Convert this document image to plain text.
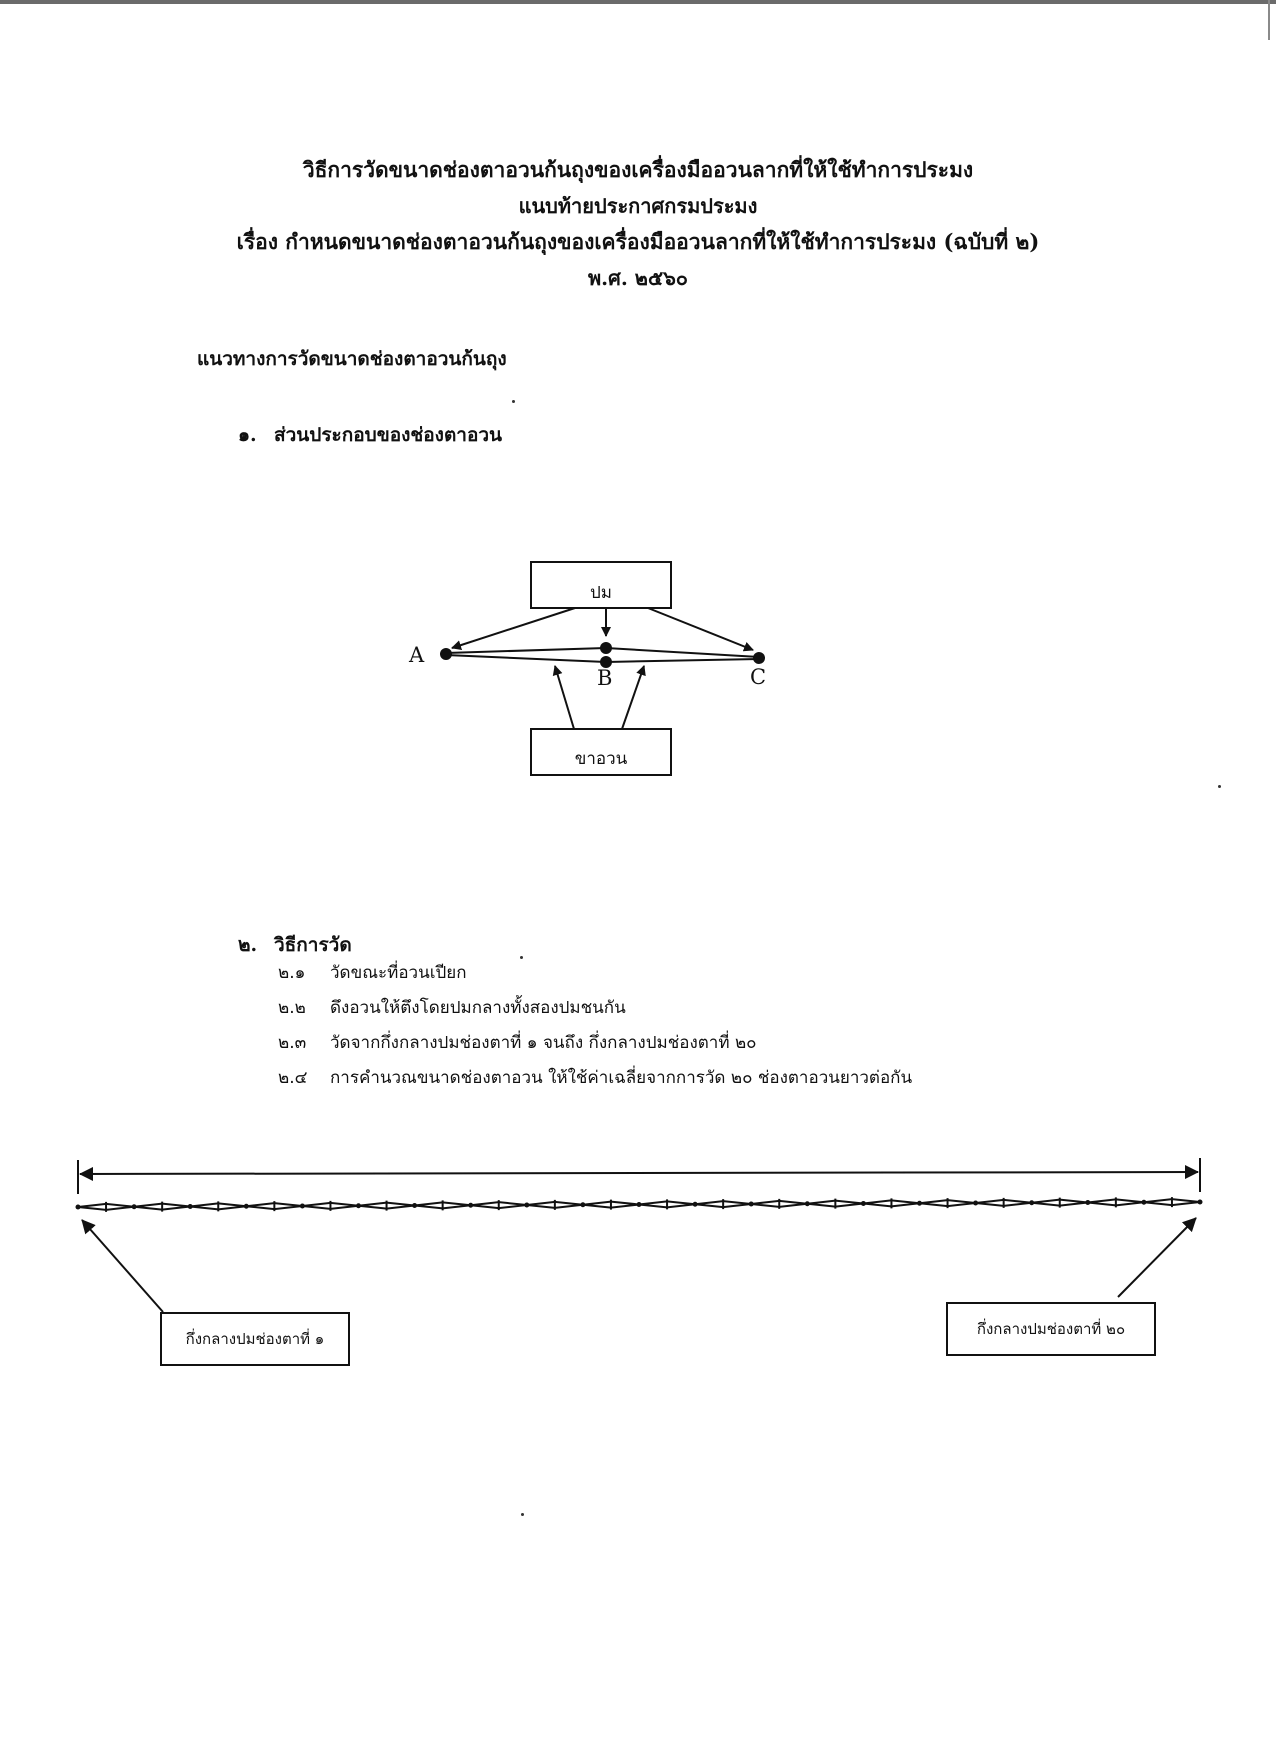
วิธีการวัดขนาดช่องตาอวนก้นถุงของเครื่องมืออวนลากที่ให้ใช้ทำการประมง
แนบท้ายประกาศกรมประมง
เรื่อง กำหนดขนาดช่องตาอวนก้นถุงของเครื่องมืออวนลากที่ให้ใช้ทำการประมง (ฉบับที่ ๒)
พ.ศ. ๒๕๖๐
แนวทางการวัดขนาดช่องตาอวนก้นถุง
๑. ส่วนประกอบของช่องตาอวน
ปม
ขาอวน
A
B	C
๒. วิธีการวัด
๒.๑ วัดขณะที่อวนเปียก
๒.๒ ดึงอวนให้ตึงโดยปมกลางทั้งสองปมชนกัน
๒.๓ วัดจากกึ่งกลางปมช่องตาที่ ๑ จนถึง กึ่งกลางปมช่องตาที่ ๒๐
๒.๔ การคำนวณขนาดช่องตาอวน ให้ใช้ค่าเฉลี่ยจากการวัด ๒๐ ช่องตาอวนยาวต่อกัน
กึ่งกลางปมช่องตาที่ ๑
กึ่งกลางปมช่องตาที่ ๒๐
